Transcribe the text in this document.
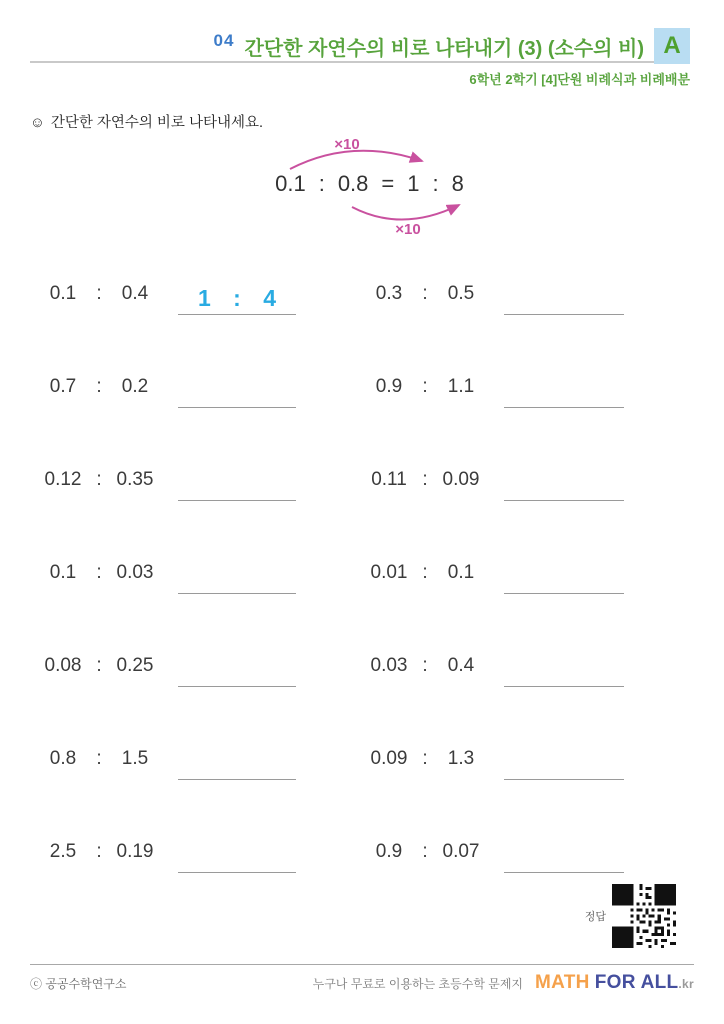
04 간단한 자연수의 비로 나타내기 (3) (소수의 비) A
6학년 2학기 [4]단원 비례식과 비례배분
☺ 간단한 자연수의 비로 나타내세요.
×10
×10
0.1 : 0.8 = 1 : 8
0.1	:	0.4	1 : 4	0.3	:	0.5
0.7	:	0.2	0.9	:	1.1
0.12 : 0.35	0.11 : 0.09
0.1	: 0.03	0.01 :	0.1
0.08 : 0.25	0.03 :	0.4
0.8	:	1.5	0.09 :	1.3
2.5	: 0.19	0.9	: 0.07
정답
ⓒ 공공수학연구소	누구나 무료로 이용하는 초등수학 문제지 MATH FOR ALL.kr
